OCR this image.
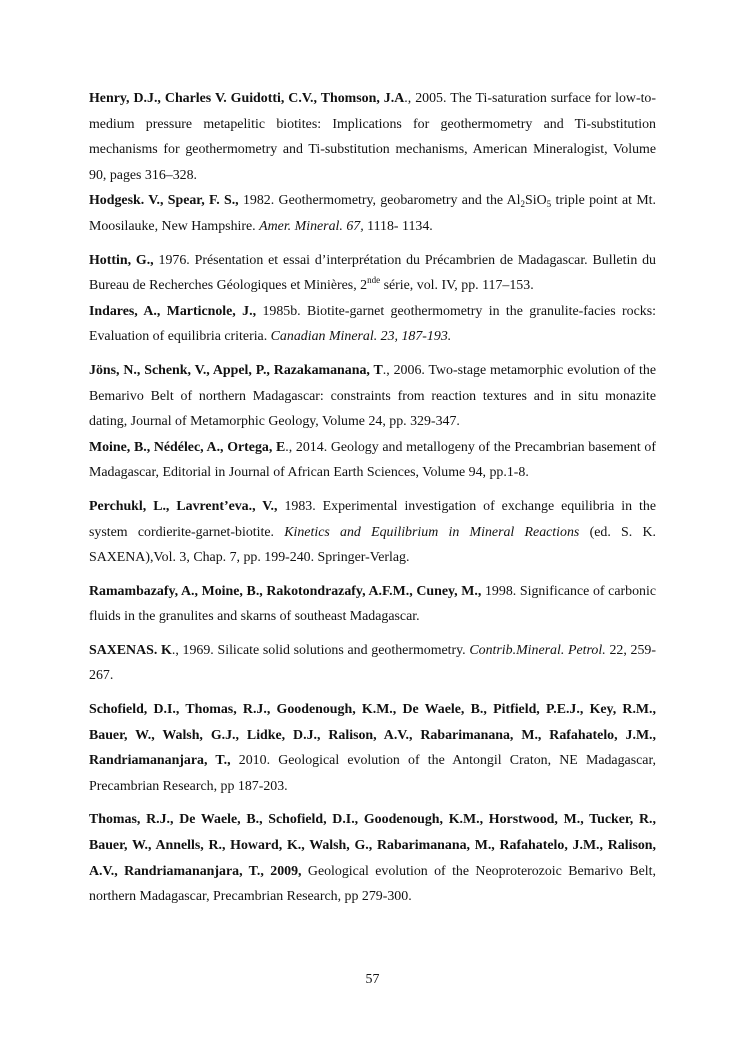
Henry, D.J., Charles V. Guidotti, C.V., Thomson, J.A., 2005. The Ti-saturation surface for low-to-medium pressure metapelitic biotites: Implications for geothermometry and Ti-substitution mechanisms for geothermometry and Ti-substitution mechanisms, American Mineralogist, Volume 90, pages 316–328.

Hodgesk. V., Spear, F. S., 1982. Geothermometry, geobarometry and the $Al_2SiO_5$ triple point at Mt. Moosilauke, New Hampshire. Amer. Mineral. 67, 1118- 1134.

Hottin, G., 1976. Présentation et essai d’interprétation du Précambrien de Madagascar. Bulletin du Bureau de Recherches Géologiques et Minières, 2nde série, vol. IV, pp. 117–153.

Indares, A., Marticnole, J., 1985b. Biotite-garnet geothermometry in the granulite-facies rocks: Evaluation of equilibria criteria. Canadian Mineral. 23, 187-193.

Jöns, N., Schenk, V., Appel, P., Razakamanana, T., 2006. Two-stage metamorphic evolution of the Bemarivo Belt of northern Madagascar: constraints from reaction textures and in situ monazite dating, Journal of Metamorphic Geology, Volume 24, pp. 329-347.

Moine, B., Nédélec, A., Ortega, E., 2014. Geology and metallogeny of the Precambrian basement of Madagascar, Editorial in Journal of African Earth Sciences, Volume 94, pp.1-8.

Perchukl, L., Lavrent’eva., V., 1983. Experimental investigation of exchange equilibria in the system cordierite-garnet-biotite. Kinetics and Equilibrium in Mineral Reactions (ed. S. K. SAXENA),Vol. 3, Chap. 7, pp. 199-240. Springer-Verlag.

Ramambazafy, A., Moine, B., Rakotondrazafy, A.F.M., Cuney, M., 1998. Significance of carbonic fluids in the granulites and skarns of southeast Madagascar.

SAXENAS. K., 1969. Silicate solid solutions and geothermometry. Contrib.Mineral. Petrol. 22, 259-267.

Schofield, D.I., Thomas, R.J., Goodenough, K.M., De Waele, B., Pitfield, P.E.J., Key, R.M., Bauer, W., Walsh, G.J., Lidke, D.J., Ralison, A.V., Rabarimanana, M., Rafahatelo, J.M., Randriamananjara, T., 2010. Geological evolution of the Antongil Craton, NE Madagascar, Precambrian Research, pp 187-203.

Thomas, R.J., De Waele, B., Schofield, D.I., Goodenough, K.M., Horstwood, M., Tucker, R., Bauer, W., Annells, R., Howard, K., Walsh, G., Rabarimanana, M., Rafahatelo, J.M., Ralison, A.V., Randriamananjara, T., 2009, Geological evolution of the Neoproterozoic Bemarivo Belt, northern Madagascar, Precambrian Research, pp 279-300.

57
